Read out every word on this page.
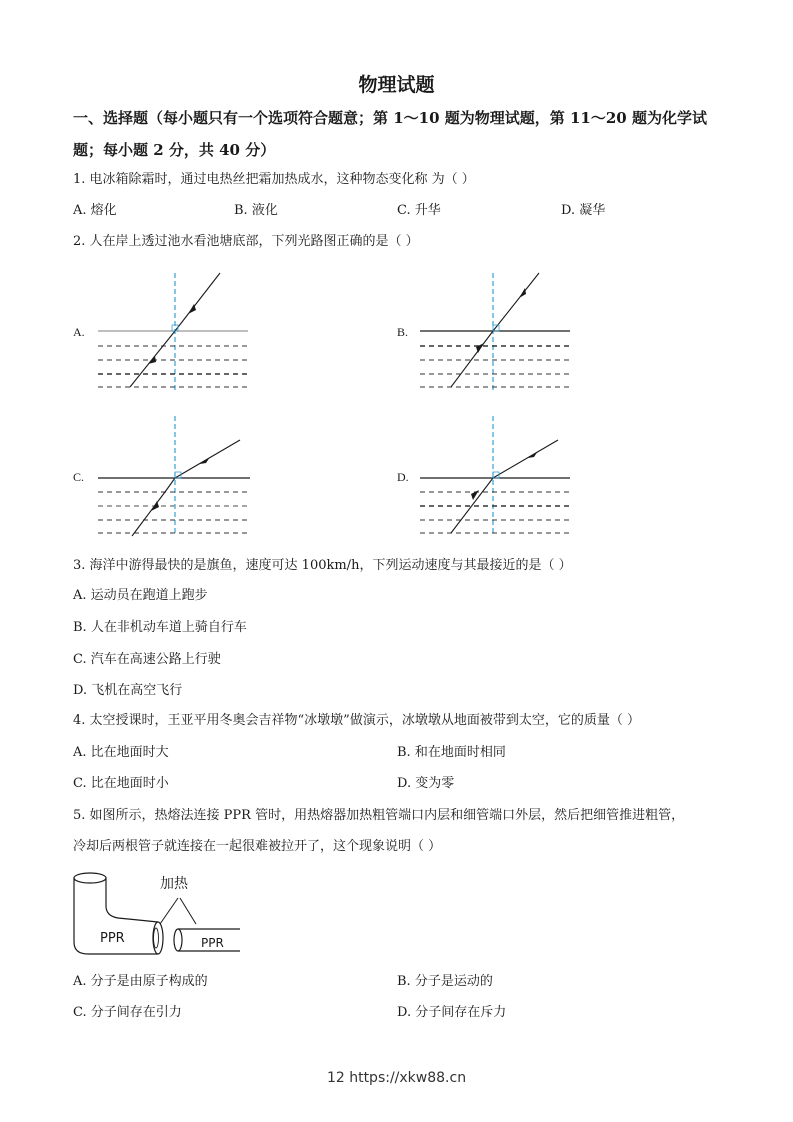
物理试题
一、选择题（每小题只有一个选项符合题意；第 1～10 题为物理试题，第 11～20 题为化学试
题；每小题 2 分，共 40 分）
1. 电冰箱除霜时，通过电热丝把霜加热成水，这种物态变化称 为（ ）
A. 熔化	B. 液化	C. 升华	D. 凝华
2. 人在岸上透过池水看池塘底部，下列光路图正确的是（ ）
A.	B.
C.	D.
3. 海洋中游得最快的是旗鱼，速度可达 100km/h，下列运动速度与其最接近的是（ ）
A. 运动员在跑道上跑步
B. 人在非机动车道上骑自行车
C. 汽车在高速公路上行驶
D. 飞机在高空飞行
4. 太空授课时，王亚平用冬奥会吉祥物“冰墩墩”做演示，冰墩墩从地面被带到太空，它的质量（ ）
A. 比在地面时大	B. 和在地面时相同
C. 比在地面时小	D. 变为零
5. 如图所示，热熔法连接 PPR 管时，用热熔器加热粗管端口内层和细管端口外层，然后把细管推进粗管，
冷却后两根管子就连接在一起很难被拉开了，这个现象说明（ ）
加热
PPR	PPR
A. 分子是由原子构成的	B. 分子是运动的
C. 分子间存在引力	D. 分子间存在斥力
12 https://xkw88.cn
